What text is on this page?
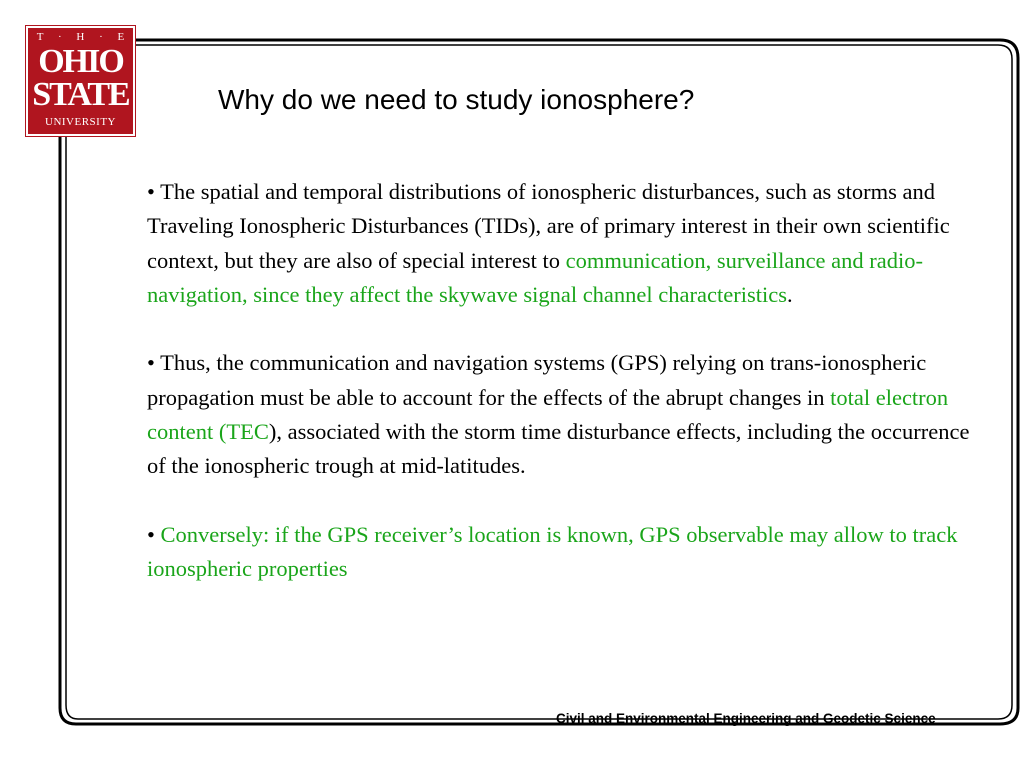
T · H · E
OHIO
STATE
UNIVERSITY
Why do we need to study ionosphere?

• The spatial and temporal distributions of ionospheric disturbances, such as storms and Traveling Ionospheric Disturbances (TIDs), are of primary interest in their own scientific context, but they are also of special interest to communication, surveillance and radio-navigation, since they affect the skywave signal channel characteristics.

• Thus, the communication and navigation systems (GPS) relying on trans-ionospheric propagation must be able to account for the effects of the abrupt changes in total electron content (TEC), associated with the storm time disturbance effects, including the occurrence of the ionospheric trough at mid-latitudes.

• Conversely: if the GPS receiver’s location is known, GPS observable may allow to track ionospheric properties

Civil and Environmental Engineering and Geodetic Science
